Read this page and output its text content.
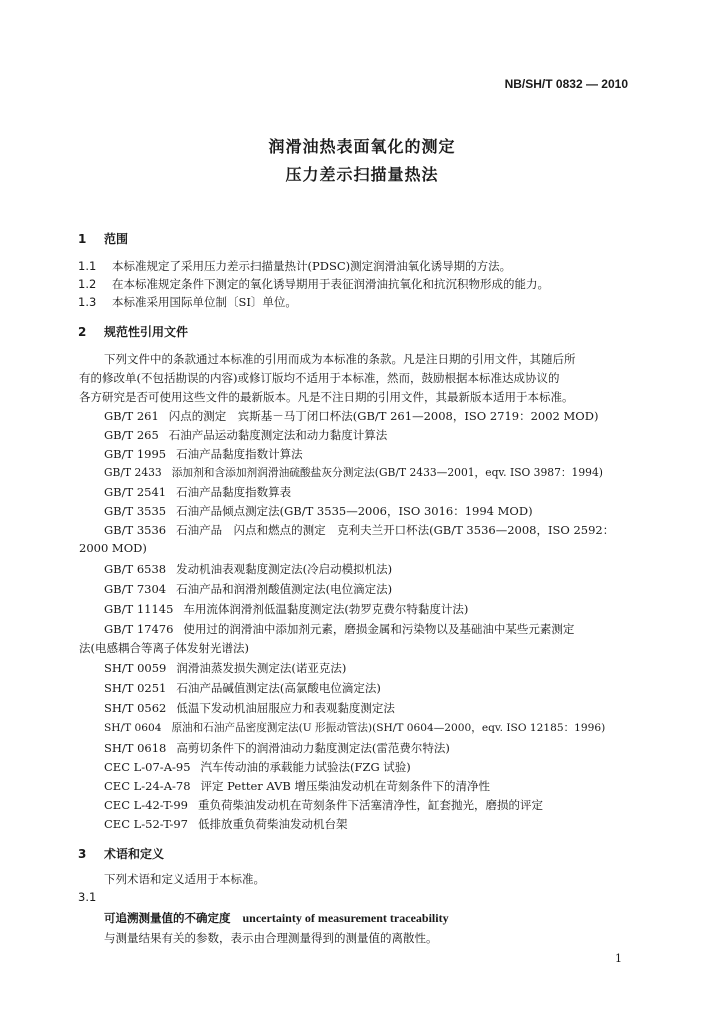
NB/SH/T 0832 — 2010
润滑油热表面氧化的测定
压力差示扫描量热法
1 范围
1.1 本标准规定了采用压力差示扫描量热计(PDSC)测定润滑油氧化诱导期的方法。
1.2 在本标准规定条件下测定的氧化诱导期用于表征润滑油抗氧化和抗沉积物形成的能力。
1.3 本标准采用国际单位制〔SI〕单位。
2 规范性引用文件
下列文件中的条款通过本标准的引用而成为本标准的条款。凡是注日期的引用文件，其随后所
有的修改单(不包括勘误的内容)或修订版均不适用于本标准，然而，鼓励根据本标准达成协议的
各方研究是否可使用这些文件的最新版本。凡是不注日期的引用文件，其最新版本适用于本标准。
GB/T 261 闪点的测定　宾斯基－马丁闭口杯法(GB/T 261—2008，ISO 2719：2002 MOD)
GB/T 265 石油产品运动黏度测定法和动力黏度计算法
GB/T 1995 石油产品黏度指数计算法
GB/T 2433 添加剂和含添加剂润滑油硫酸盐灰分测定法(GB/T 2433—2001，eqv. ISO 3987：1994)
GB/T 2541 石油产品黏度指数算表
GB/T 3535 石油产品倾点测定法(GB/T 3535—2006，ISO 3016：1994 MOD)
GB/T 3536 石油产品　闪点和燃点的测定　克利夫兰开口杯法(GB/T 3536—2008，ISO 2592：
2000 MOD)
GB/T 6538 发动机油表观黏度测定法(冷启动模拟机法)
GB/T 7304 石油产品和润滑剂酸值测定法(电位滴定法)
GB/T 11145 车用流体润滑剂低温黏度测定法(勃罗克费尔特黏度计法)
GB/T 17476 使用过的润滑油中添加剂元素，磨损金属和污染物以及基础油中某些元素测定
法(电感耦合等离子体发射光谱法)
SH/T 0059 润滑油蒸发损失测定法(诺亚克法)
SH/T 0251 石油产品碱值测定法(高氯酸电位滴定法)
SH/T 0562 低温下发动机油屈服应力和表观黏度测定法
SH/T 0604 原油和石油产品密度测定法(U 形振动管法)(SH/T 0604—2000，eqv. ISO 12185：1996)
SH/T 0618 高剪切条件下的润滑油动力黏度测定法(雷范费尔特法)
CEC L-07-A-95 汽车传动油的承载能力试验法(FZG 试验)
CEC L-24-A-78 评定 Petter AVB 增压柴油发动机在苛刻条件下的清净性
CEC L-42-T-99 重负荷柴油发动机在苛刻条件下活塞清净性，缸套抛光，磨损的评定
CEC L-52-T-97 低排放重负荷柴油发动机台架
3 术语和定义
下列术语和定义适用于本标准。
3.1
可追溯测量值的不确定度 uncertainty of measurement traceability
与测量结果有关的参数，表示由合理测量得到的测量值的离散性。
1
